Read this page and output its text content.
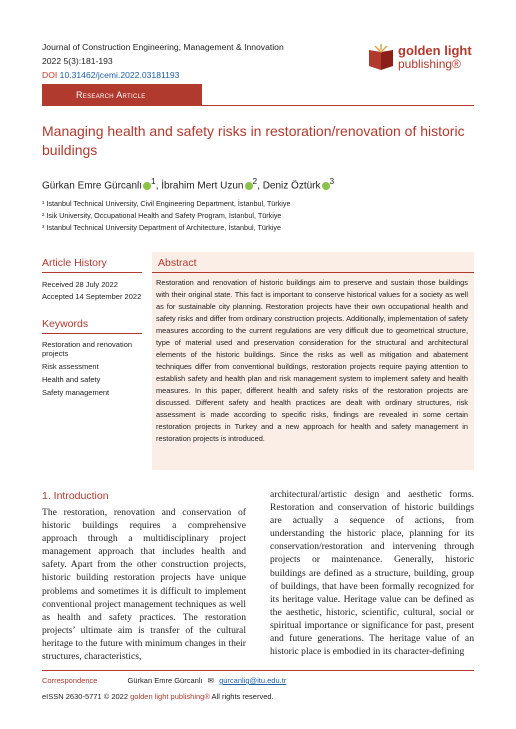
Journal of Construction Engineering, Management & Innovation
2022 5(3):181-193
DOI 10.31462/jcemi.2022.03181193
golden light
publishing®
Research Article
Managing health and safety risks in restoration/renovation of historic buildings
Gürkan Emre Gürcanlı $^1$, İbrahim Mert Uzun $^2$, Deniz Öztürk $^3$
¹ Istanbul Technical University, Civil Engineering Department, İstanbul, Türkiye
² Isik University, Occupational Health and Safety Program, İstanbul, Türkiye
³ Istanbul Technical University Department of Architecture, İstanbul, Türkiye
Article History
Received 28 July 2022
Accepted 14 September 2022
Keywords
Restoration and renovation projects
Risk assessment
Health and safety
Safety management
Abstract
Restoration and renovation of historic buildings aim to preserve and sustain those buildings with their original state. This fact is important to conserve historical values for a society as well as for sustainable city planning. Restoration projects have their own occupational health and safety risks and differ from ordinary construction projects. Additionally, implementation of safety measures according to the current regulations are very difficult due to geometrical structure, type of material used and preservation consideration for the structural and architectural elements of the historic buildings. Since the risks as well as mitigation and abatement techniques differ from conventional buildings, restoration projects require paying attention to establish safety and health plan and risk management system to implement safety and health measures. In this paper, different health and safety risks of the restoration projects are discussed. Different safety and health practices are dealt with ordinary structures, risk assessment is made according to specific risks, findings are revealed in some certain restoration projects in Turkey and a new approach for health and safety management in restoration projects is introduced.
1. Introduction
The restoration, renovation and conservation of historic buildings requires a comprehensive approach through a multidisciplinary project management approach that includes health and safety. Apart from the other construction projects, historic building restoration projects have unique problems and sometimes it is difficult to implement conventional project management techniques as well as health and safety practices. The restoration projects’ ultimate aim is transfer of the cultural heritage to the future with minimum changes in their structures, characteristics,
architectural/artistic design and aesthetic forms. Restoration and conservation of historic buildings are actually a sequence of actions, from understanding the historic place, planning for its conservation/restoration and intervening through projects or maintenance. Generally, historic buildings are defined as a structure, building, group of buildings, that have been formally recognized for its heritage value. Heritage value can be defined as the aesthetic, historic, scientific, cultural, social or spiritual importance or significance for past, present and future generations. The heritage value of an historic place is embodied in its character-defining
Correspondence	Gürkan Emre Gürcanlı ✉ gurcanlig@itu.edu.tr
eISSN 2630-5771 © 2022 golden light publishing® All rights reserved.
